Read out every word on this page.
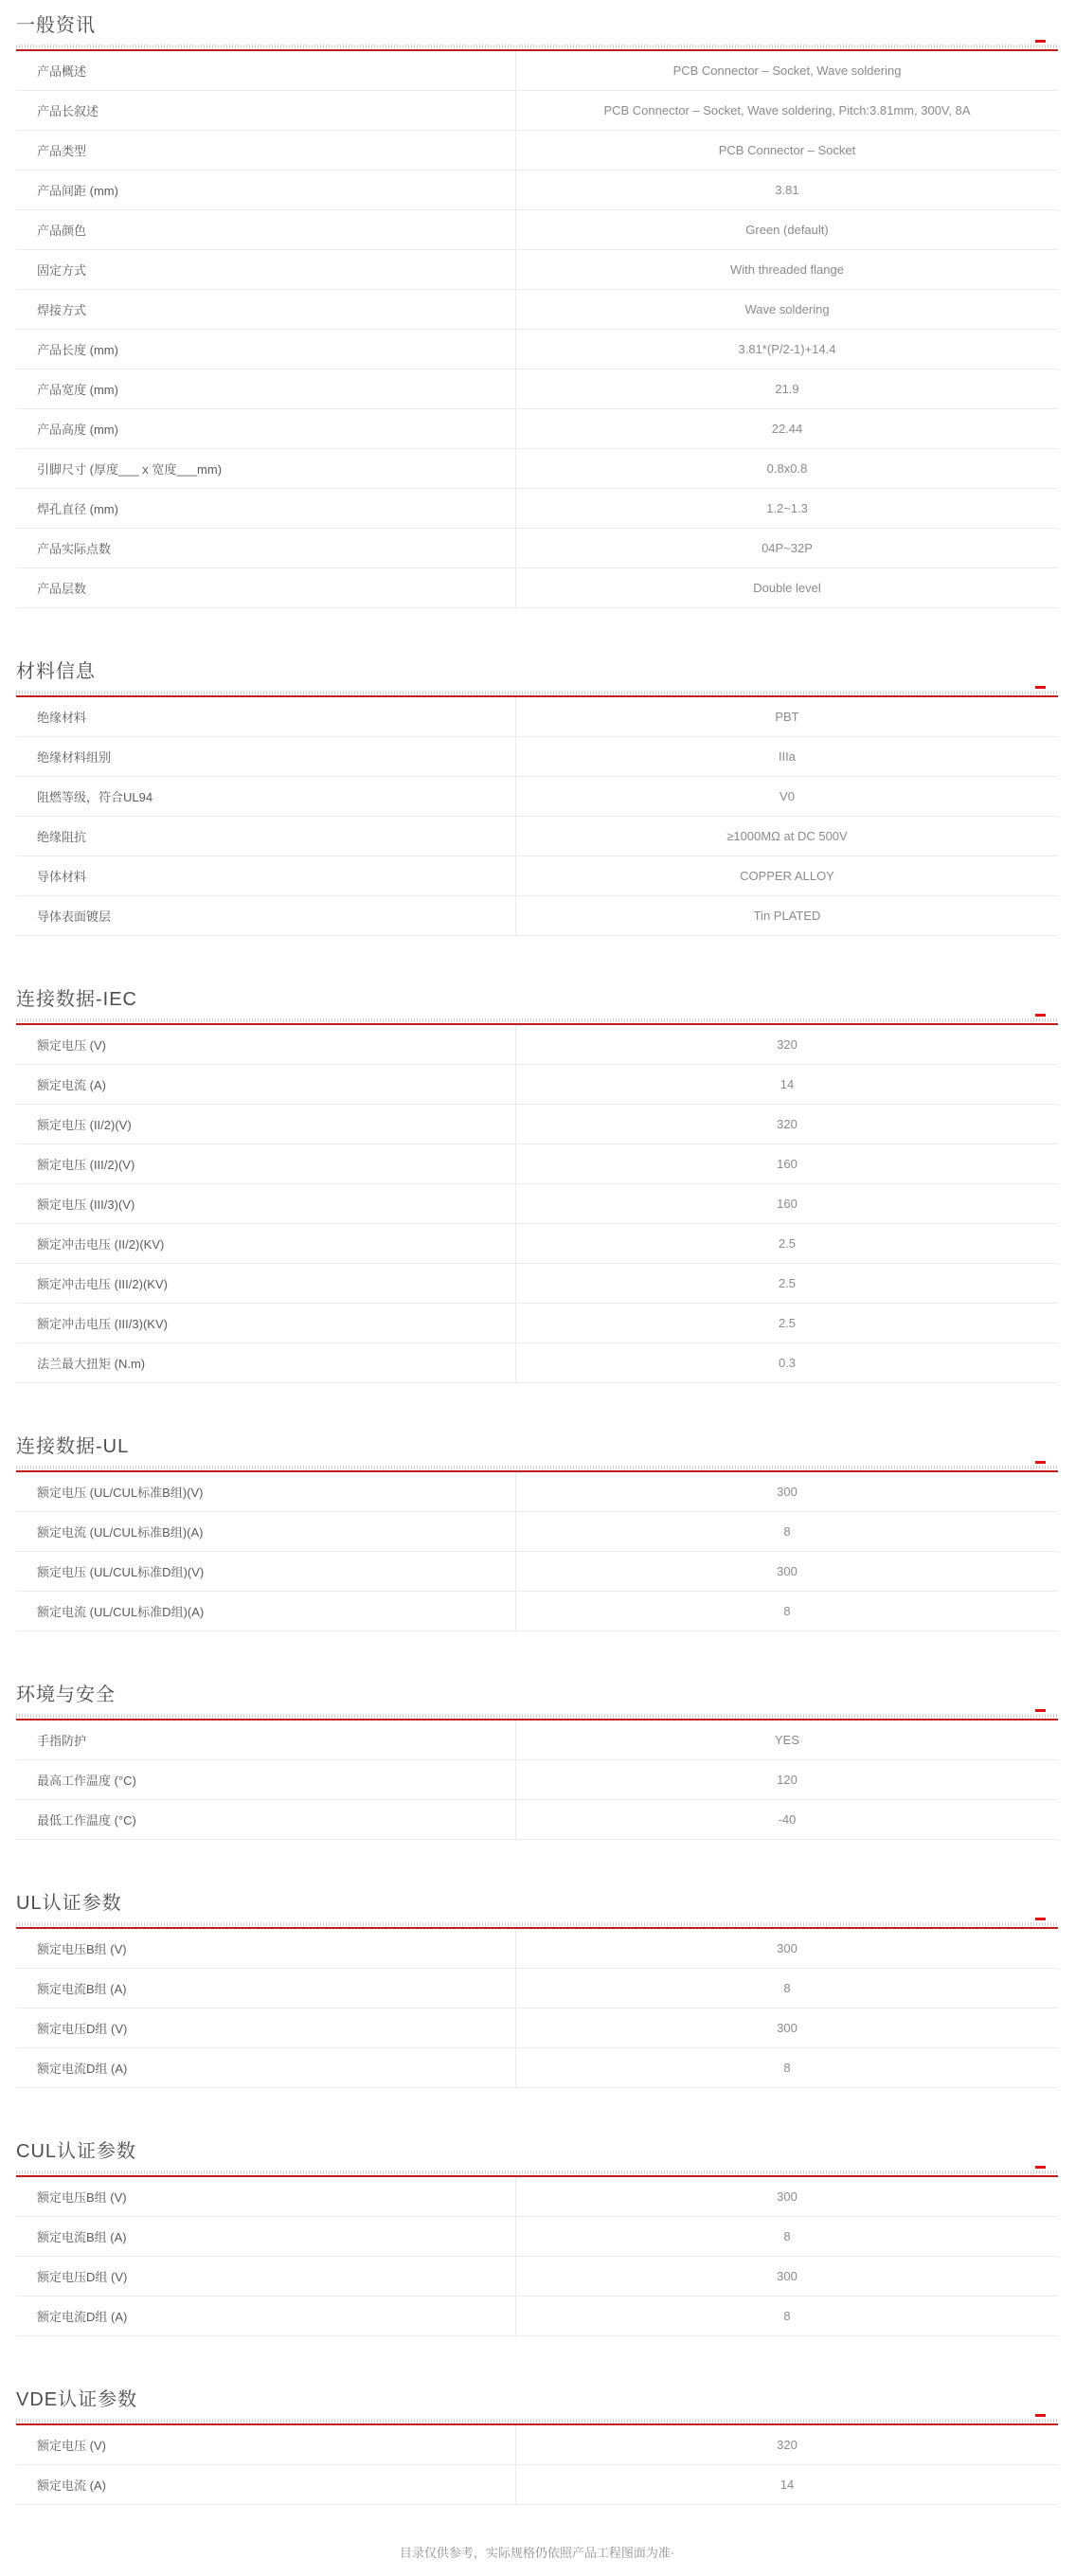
一般资讯
产品概述	PCB Connector – Socket, Wave soldering
产品长叙述	PCB Connector – Socket, Wave soldering, Pitch:3.81mm, 300V, 8A
产品类型	PCB Connector – Socket
产品间距 (mm)	3.81
产品颜色	Green (default)
固定方式	With threaded flange
焊接方式	Wave soldering
产品长度 (mm)	3.81*(P/2-1)+14.4
产品宽度 (mm)	21.9
产品高度 (mm)	22.44
引脚尺寸 (厚度___ x 宽度___mm)	0.8x0.8
焊孔直径 (mm)	1.2~1.3
产品实际点数	04P~32P
产品层数	Double level
材料信息
绝缘材料	PBT
绝缘材料组别	IIIa
阻燃等级，符合UL94	V0
绝缘阻抗	≥1000MΩ at DC 500V
导体材料	COPPER ALLOY
导体表面镀层	Tin PLATED
连接数据-IEC
额定电压 (V)	320
额定电流 (A)	14
额定电压 (II/2)(V)	320
额定电压 (III/2)(V)	160
额定电压 (III/3)(V)	160
额定冲击电压 (II/2)(KV)	2.5
额定冲击电压 (III/2)(KV)	2.5
额定冲击电压 (III/3)(KV)	2.5
法兰最大扭矩 (N.m)	0.3
连接数据-UL
额定电压 (UL/CUL标准B组)(V)	300
额定电流 (UL/CUL标准B组)(A)	8
额定电压 (UL/CUL标准D组)(V)	300
额定电流 (UL/CUL标准D组)(A)	8
环境与安全
手指防护	YES
最高工作温度 (°C)	120
最低工作温度 (°C)	-40
UL认证参数
额定电压B组 (V)	300
额定电流B组 (A)	8
额定电压D组 (V)	300
额定电流D组 (A)	8
CUL认证参数
额定电压B组 (V)	300
额定电流B组 (A)	8
额定电压D组 (V)	300
额定电流D组 (A)	8
VDE认证参数
额定电压 (V)	320
额定电流 (A)	14
目录仅供参考，实际规格仍依照产品工程图面为准·
